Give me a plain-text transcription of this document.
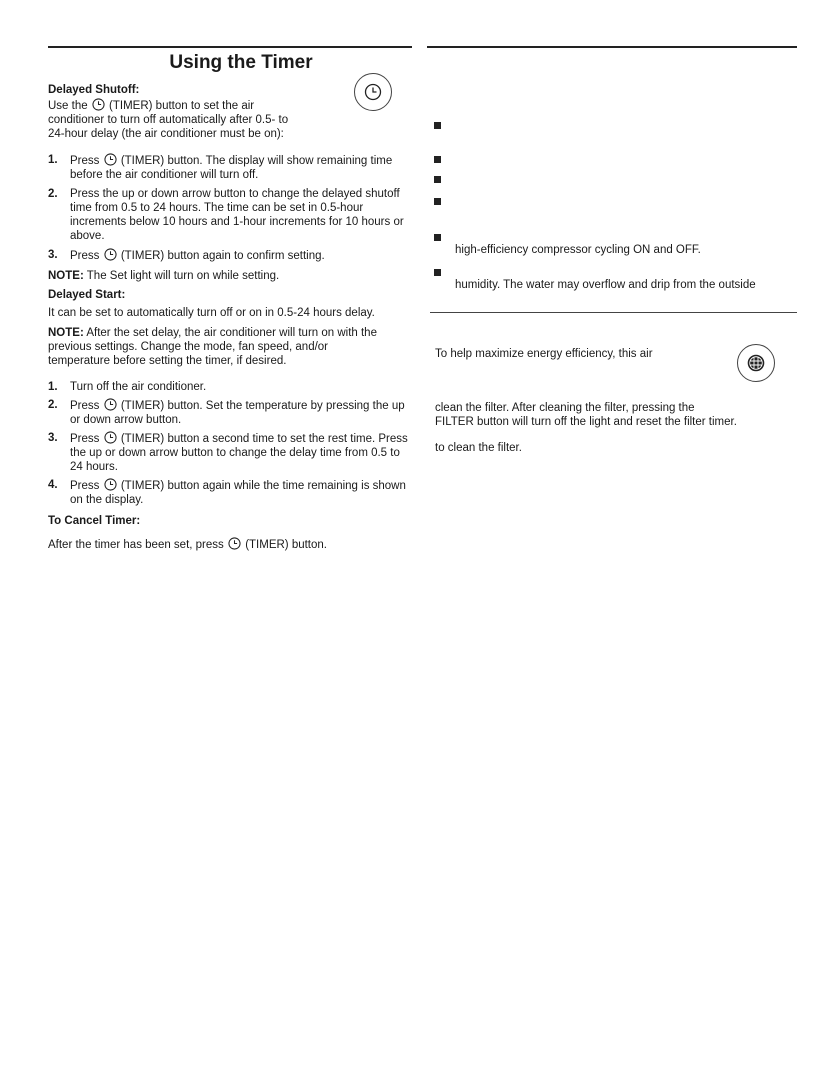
Using the Timer
Delayed Shutoff:

Use the (TIMER) button to set the air
conditioner to turn off automatically after 0.5- to
24-hour delay (the air conditioner must be on):

1. Press (TIMER) button. The display will show remaining time before the air conditioner will turn off.
2. Press the up or down arrow button to change the delayed shutoff time from 0.5 to 24 hours. The time can be set in 0.5-hour increments below 10 hours and 1-hour increments for 10 hours or above.
3. Press (TIMER) button again to confirm setting.

NOTE: The Set light will turn on while setting.

Delayed Start:

It can be set to automatically turn off or on in 0.5-24 hours delay.

NOTE: After the set delay, the air conditioner will turn on with the previous settings. Change the mode, fan speed, and/or temperature before setting the timer, if desired.

1. Turn off the air conditioner.
2. Press (TIMER) button. Set the temperature by pressing the up or down arrow button.
3. Press (TIMER) button a second time to set the rest time. Press the up or down arrow button to change the delay time from 0.5 to 24 hours.
4. Press (TIMER) button again while the time remaining is shown on the display.
To Cancel Timer:

After the timer has been set, press (TIMER) button.

high-efficiency compressor cycling ON and OFF.
humidity. The water may overflow and drip from the outside
To help maximize energy efficiency, this air
clean the filter. After cleaning the filter, pressing the
FILTER button will turn off the light and reset the filter timer.
to clean the filter.
